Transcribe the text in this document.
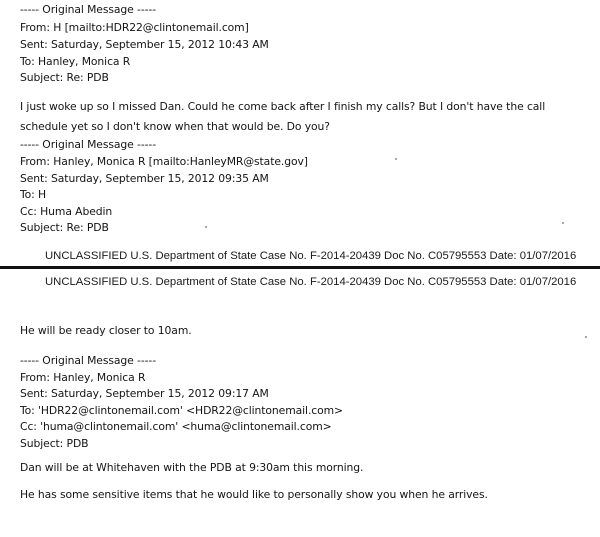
----- Original Message -----
From: H [mailto:HDR22@clintonemail.com]
Sent: Saturday, September 15, 2012 10:43 AM
To: Hanley, Monica R
Subject: Re: PDB
I just woke up so I missed Dan. Could he come back after I finish my calls? But I don't have the call schedule yet so I don't know when that would be. Do you?
----- Original Message -----
From: Hanley, Monica R [mailto:HanleyMR@state.gov]
Sent: Saturday, September 15, 2012 09:35 AM
To: H
Cc: Huma Abedin
Subject: Re: PDB
UNCLASSIFIED U.S. Department of State Case No. F-2014-20439 Doc No. C05795553 Date: 01/07/2016
UNCLASSIFIED U.S. Department of State Case No. F-2014-20439 Doc No. C05795553 Date: 01/07/2016
He will be ready closer to 10am.
----- Original Message -----
From: Hanley, Monica R
Sent: Saturday, September 15, 2012 09:17 AM
To: 'HDR22@clintonemail.com' <HDR22@clintonemail.com>
Cc: 'huma@clintonemail.com' <huma@clintonemail.com>
Subject: PDB
Dan will be at Whitehaven with the PDB at 9:30am this morning.
He has some sensitive items that he would like to personally show you when he arrives.
